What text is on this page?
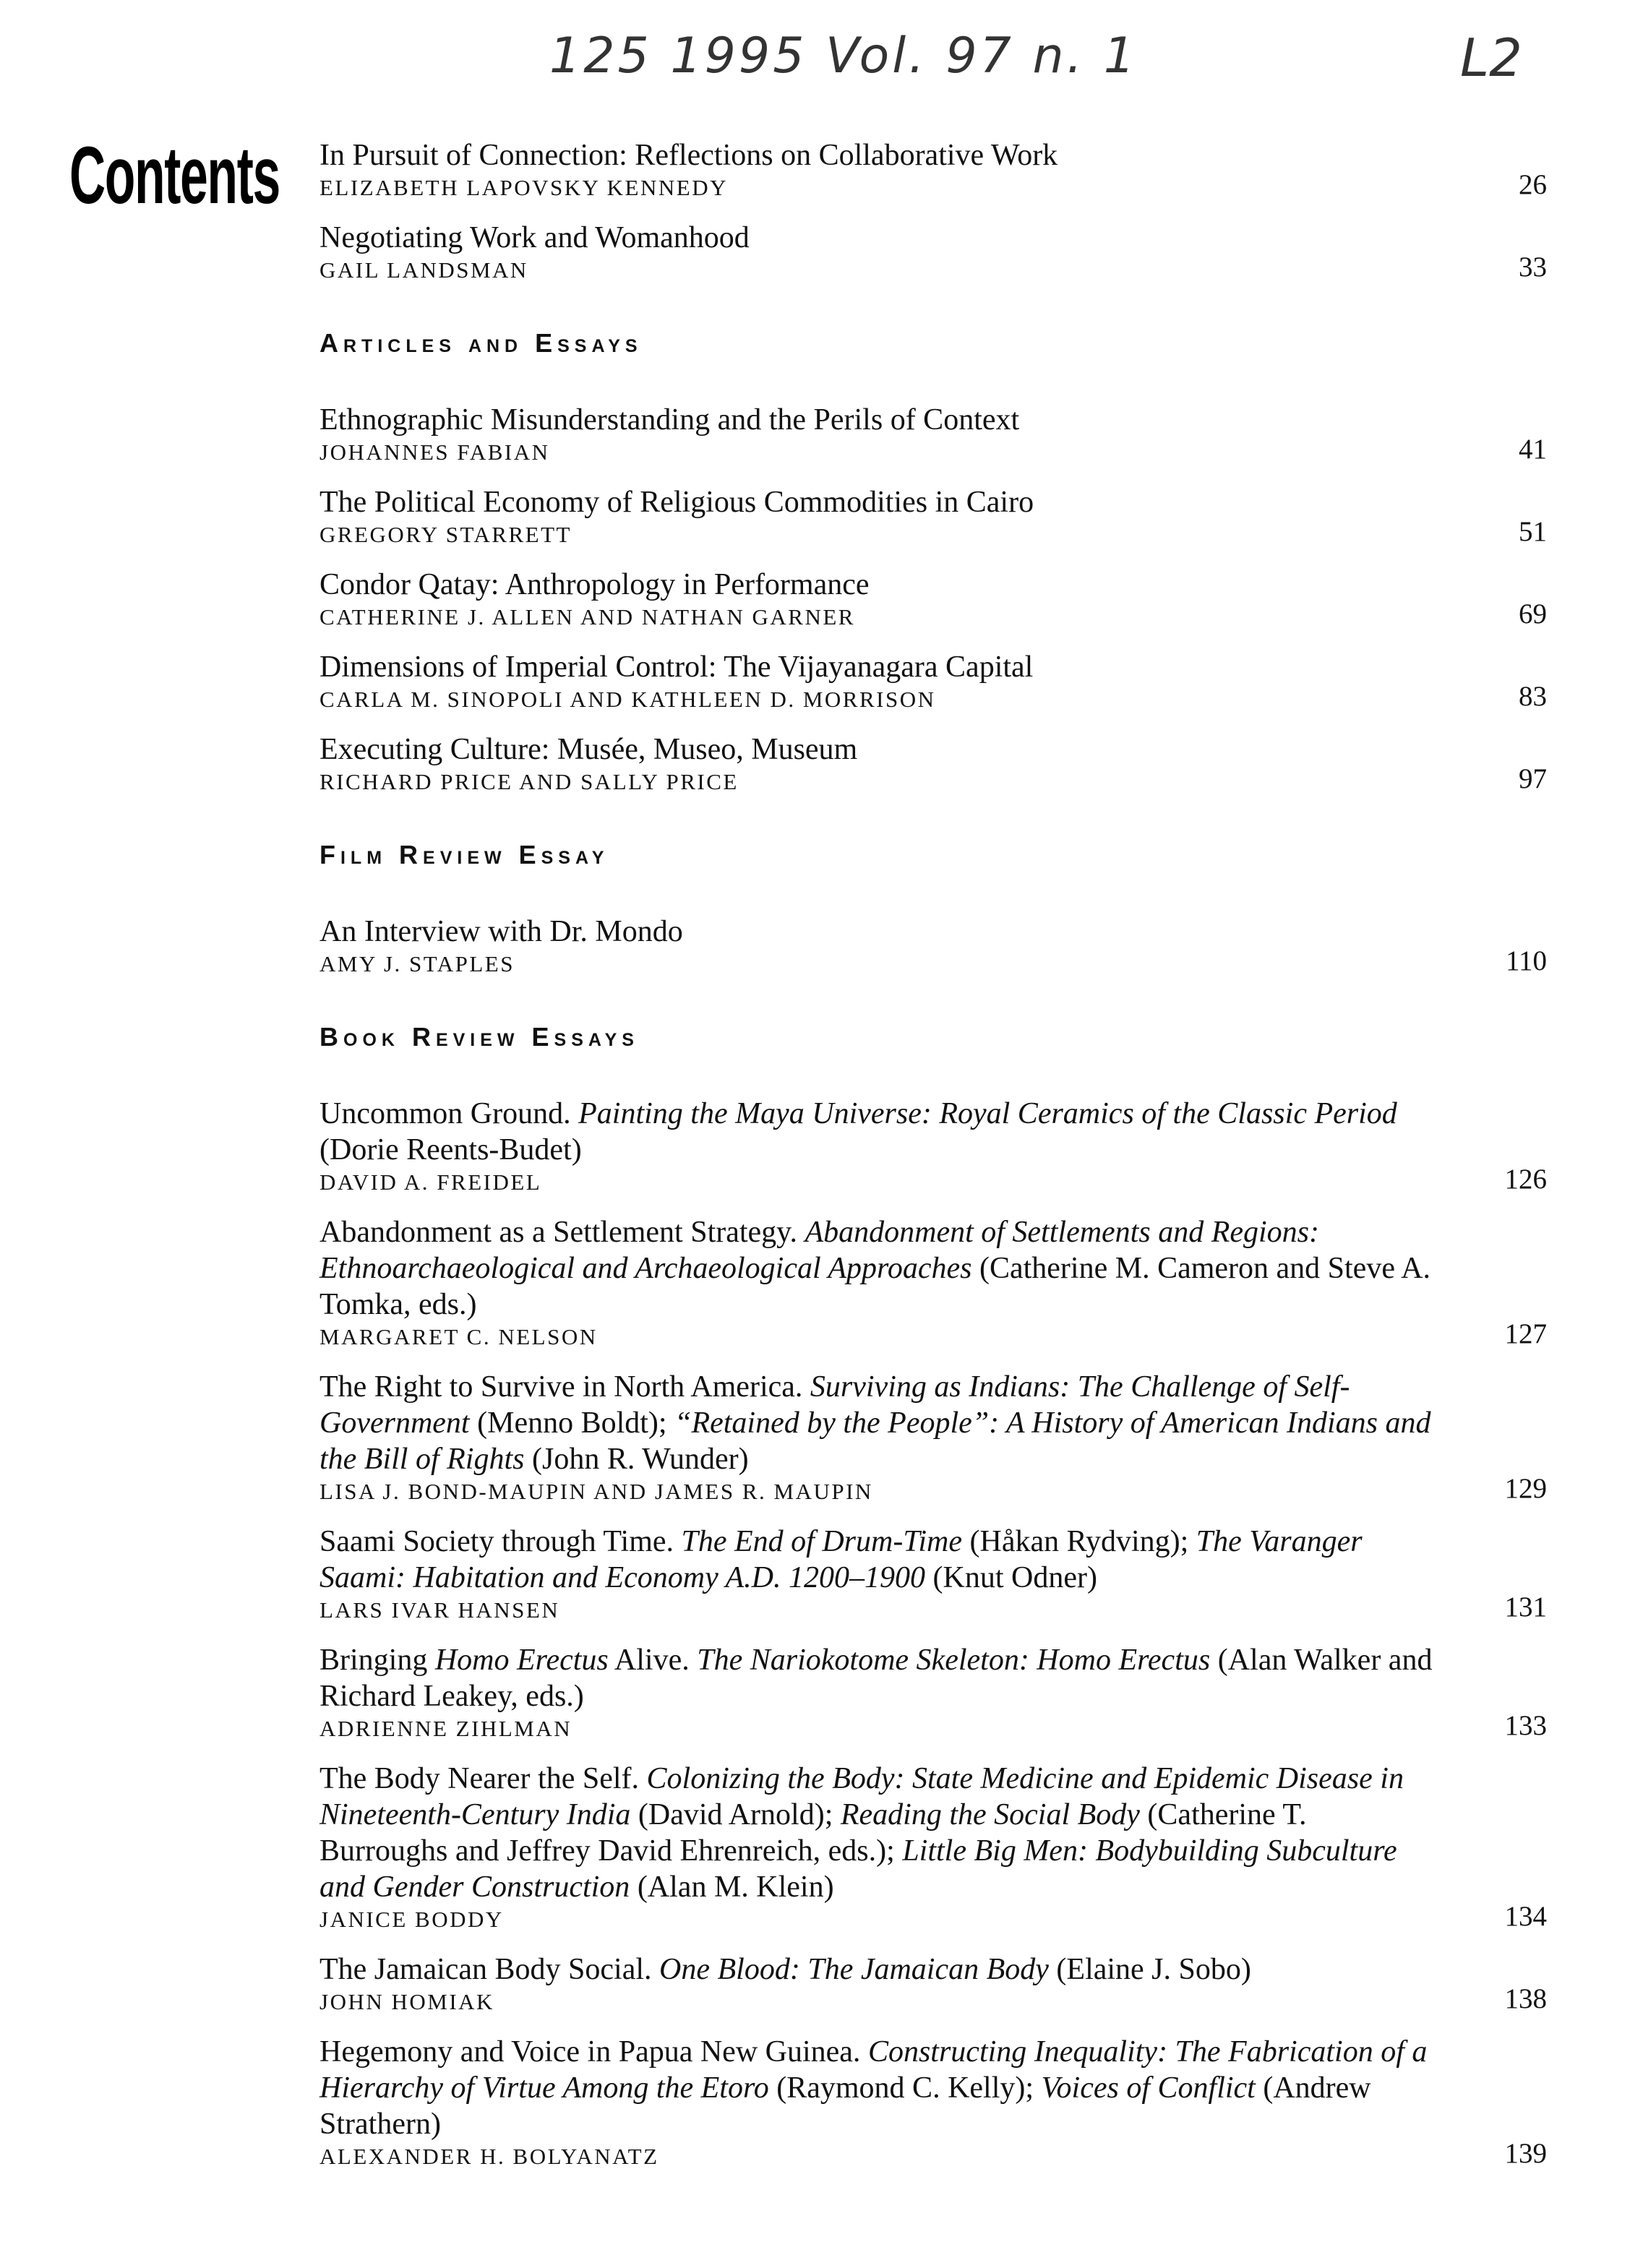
125 1995 Vol. 97 n. 1	L2
Contents In Pursuit of Connection: Reflections on Collaborative Work
ELIZABETH LAPOVSKY KENNEDY	26
Negotiating Work and Womanhood
GAIL LANDSMAN	33
Articles and Essays
Ethnographic Misunderstanding and the Perils of Context
JOHANNES FABIAN	41
The Political Economy of Religious Commodities in Cairo
GREGORY STARRETT	51
Condor Qatay: Anthropology in Performance
CATHERINE J. ALLEN AND NATHAN GARNER	69
Dimensions of Imperial Control: The Vijayanagara Capital
CARLA M. SINOPOLI AND KATHLEEN D. MORRISON	83
Executing Culture: Musée, Museo, Museum
RICHARD PRICE AND SALLY PRICE	97
Film Review Essay
An Interview with Dr. Mondo
AMY J. STAPLES	110
Book Review Essays
Uncommon Ground. Painting the Maya Universe: Royal Ceramics of the Classic Period (Dorie Reents-Budet)
DAVID A. FREIDEL	126
Abandonment as a Settlement Strategy. Abandonment of Settlements and Regions: Ethnoarchaeological and Archaeological Approaches (Catherine M. Cameron and Steve A. Tomka, eds.)
MARGARET C. NELSON	127
The Right to Survive in North America. Surviving as Indians: The Challenge of Self-Government (Menno Boldt); “Retained by the People”: A History of American Indians and the Bill of Rights (John R. Wunder)
LISA J. BOND-MAUPIN AND JAMES R. MAUPIN	129
Saami Society through Time. The End of Drum-Time (Håkan Rydving); The Varanger Saami: Habitation and Economy A.D. 1200–1900 (Knut Odner)
LARS IVAR HANSEN	131
Bringing Homo Erectus Alive. The Nariokotome Skeleton: Homo Erectus (Alan Walker and Richard Leakey, eds.)
ADRIENNE ZIHLMAN	133
The Body Nearer the Self. Colonizing the Body: State Medicine and Epidemic Disease in Nineteenth-Century India (David Arnold); Reading the Social Body (Catherine T. Burroughs and Jeffrey David Ehrenreich, eds.); Little Big Men: Bodybuilding Subculture and Gender Construction (Alan M. Klein)
JANICE BODDY	134
The Jamaican Body Social. One Blood: The Jamaican Body (Elaine J. Sobo)
JOHN HOMIAK	138
Hegemony and Voice in Papua New Guinea. Constructing Inequality: The Fabrication of a Hierarchy of Virtue Among the Etoro (Raymond C. Kelly); Voices of Conflict (Andrew Strathern)
ALEXANDER H. BOLYANATZ	139
